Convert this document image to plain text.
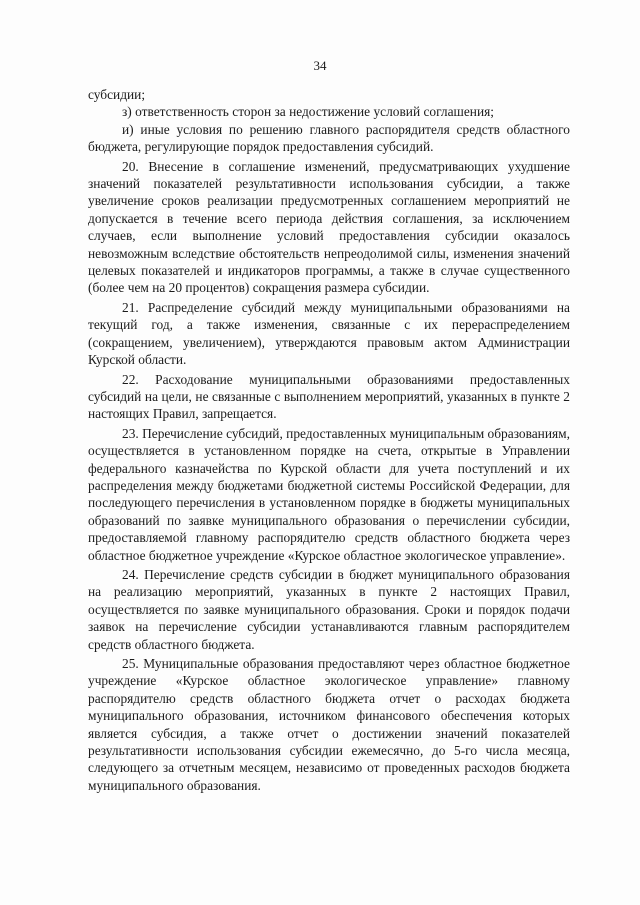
34

субсидии;

з) ответственность сторон за недостижение условий соглашения;

и) иные условия по решению главного распорядителя средств областного бюджета, регулирующие порядок предоставления субсидий.

20. Внесение в соглашение изменений, предусматривающих ухудшение значений показателей результативности использования субсидии, а также увеличение сроков реализации предусмотренных соглашением мероприятий не допускается в течение всего периода действия соглашения, за исключением случаев, если выполнение условий предоставления субсидии оказалось невозможным вследствие обстоятельств непреодолимой силы, изменения значений целевых показателей и индикаторов программы, а также в случае существенного (более чем на 20 процентов) сокращения размера субсидии.

21. Распределение субсидий между муниципальными образованиями на текущий год, а также изменения, связанные с их перераспределением (сокращением, увеличением), утверждаются правовым актом Администрации Курской области.

22. Расходование муниципальными образованиями предоставленных субсидий на цели, не связанные с выполнением мероприятий, указанных в пункте 2 настоящих Правил, запрещается.

23. Перечисление субсидий, предоставленных муниципальным образованиям, осуществляется в установленном порядке на счета, открытые в Управлении федерального казначейства по Курской области для учета поступлений и их распределения между бюджетами бюджетной системы Российской Федерации, для последующего перечисления в установленном порядке в бюджеты муниципальных образований по заявке муниципального образования о перечислении субсидии, предоставляемой главному распорядителю средств областного бюджета через областное бюджетное учреждение «Курское областное экологическое управление».

24. Перечисление средств субсидии в бюджет муниципального образования на реализацию мероприятий, указанных в пункте 2 настоящих Правил, осуществляется по заявке муниципального образования. Сроки и порядок подачи заявок на перечисление субсидии устанавливаются главным распорядителем средств областного бюджета.

25. Муниципальные образования предоставляют через областное бюджетное учреждение «Курское областное экологическое управление» главному распорядителю средств областного бюджета отчет о расходах бюджета муниципального образования, источником финансового обеспечения которых является субсидия, а также отчет о достижении значений показателей результативности использования субсидии ежемесячно, до 5-го числа месяца, следующего за отчетным месяцем, независимо от проведенных расходов бюджета муниципального образования.
